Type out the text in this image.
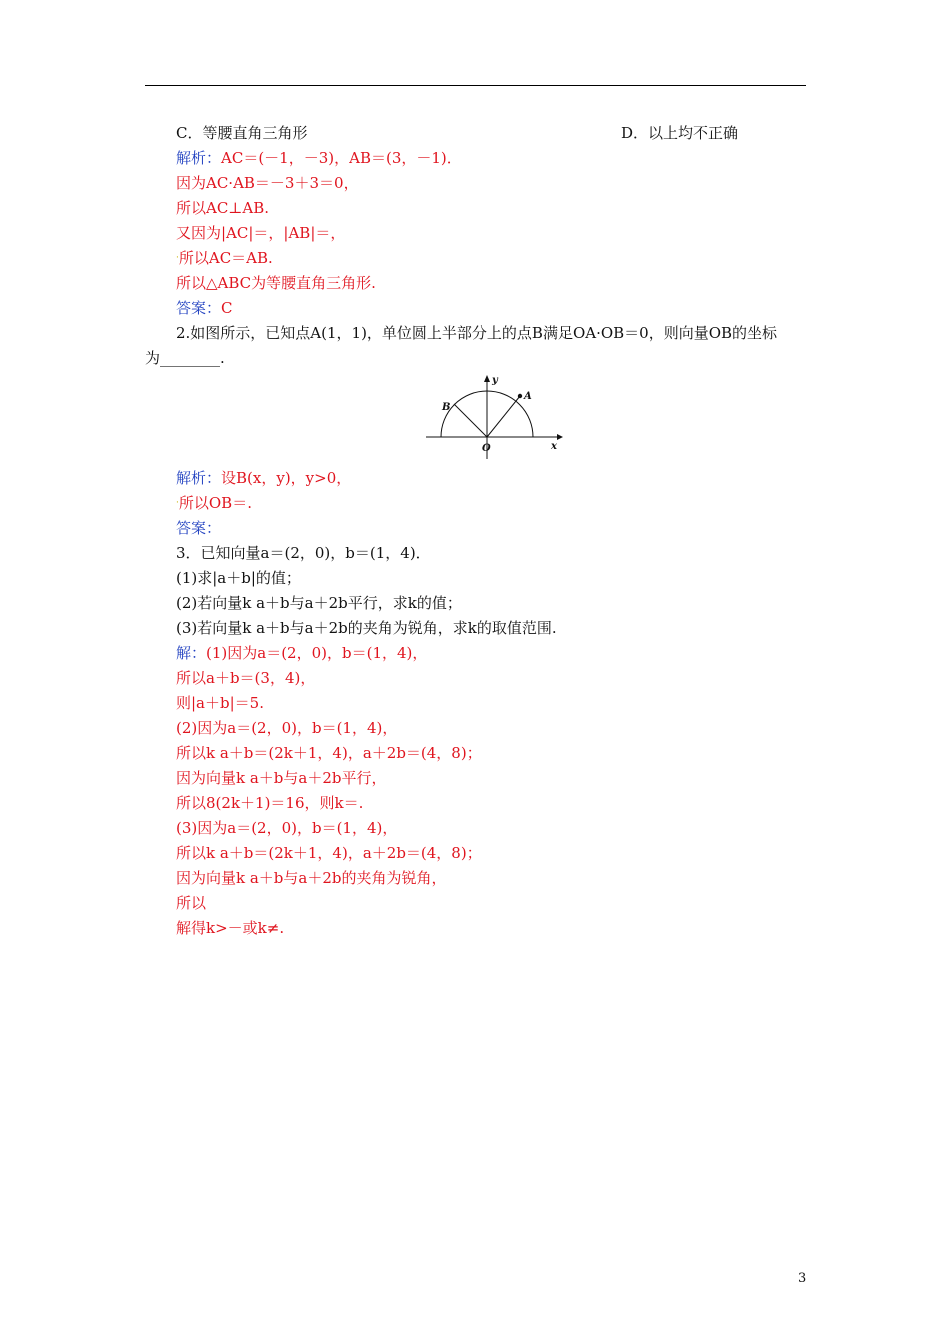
C．等腰直角三角形	D．以上均不正确
解析：AC＝(－1，－3)，AB＝(3，－1)．
因为AC·AB＝－3＋3＝0，
所以AC⊥AB.
又因为|AC|＝，|AB|＝，
·所以AC＝AB.
所以△ABC为等腰直角三角形.
答案：C
2.如图所示，已知点A(1，1)，单位圆上半部分上的点B满足OA·OB＝0，则向量OB的坐标
为________.
y
A
B
O	x
解析：设B(x，y)，y>0，
·所以OB＝.
答案：
3．已知向量a＝(2，0)，b＝(1，4)．
(1)求|a＋b|的值；
(2)若向量k a＋b与a＋2b平行，求k的值；
(3)若向量k a＋b与a＋2b的夹角为锐角，求k的取值范围.
解：(1)因为a＝(2，0)，b＝(1，4)，
所以a＋b＝(3，4)，
则|a＋b|＝5.
(2)因为a＝(2，0)，b＝(1，4)，
所以k a＋b＝(2k＋1，4)，a＋2b＝(4，8)；
因为向量k a＋b与a＋2b平行，
所以8(2k＋1)＝16，则k＝.
(3)因为a＝(2，0)，b＝(1，4)，
所以k a＋b＝(2k＋1，4)，a＋2b＝(4，8)；
因为向量k a＋b与a＋2b的夹角为锐角，
所以
解得k>－或k≠.
3
